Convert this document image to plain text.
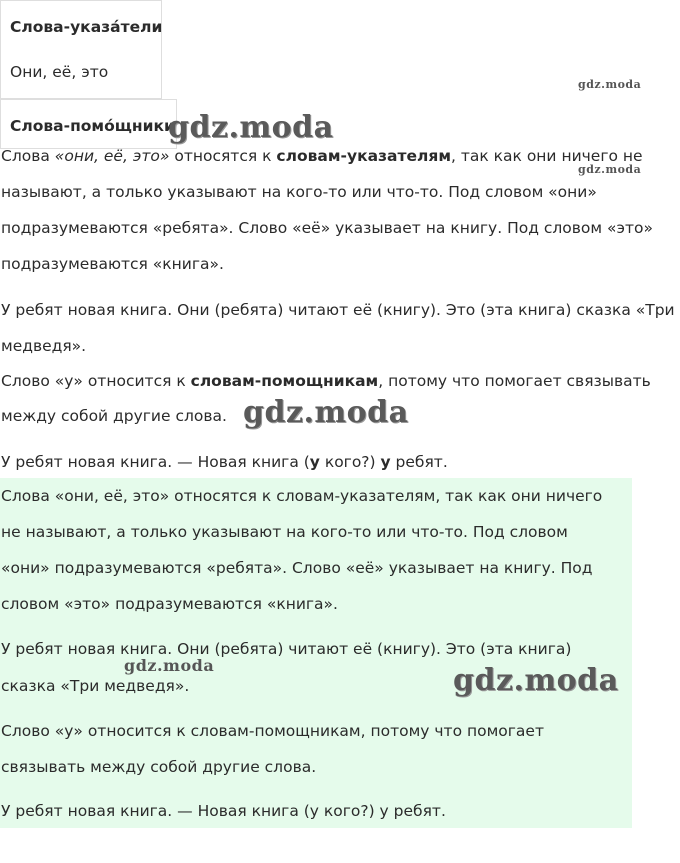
Слова-указа́тели
Они, её, это
Слова-помо́щники
Слова «они, её, это» относятся к словам-указателям, так как они ничего не
называют, а только указывают на кого-то или что-то. Под словом «они»
подразумеваются «ребята». Слово «её» указывает на книгу. Под словом «это»
подразумеваются «книга».
У ребят новая книга. Они (ребята) читают её (книгу). Это (эта книга) сказка «Три
медведя».
Слово «у» относится к словам-помощникам, потому что помогает связывать
между собой другие слова.
У ребят новая книга. — Новая книга (у кого?) у ребят.
Слова «они, её, это» относятся к словам-указателям, так как они ничего
не называют, а только указывают на кого-то или что-то. Под словом
«они» подразумеваются «ребята». Слово «её» указывает на книгу. Под
словом «это» подразумеваются «книга».
У ребят новая книга. Они (ребята) читают её (книгу). Это (эта книга)
сказка «Три медведя».
Слово «у» относится к словам-помощникам, потому что помогает
связывать между собой другие слова.
У ребят новая книга. — Новая книга (у кого?) у ребят.
gdz.moda
gdz.moda
gdz.moda
gdz.moda
gdz.moda	gdz.moda
